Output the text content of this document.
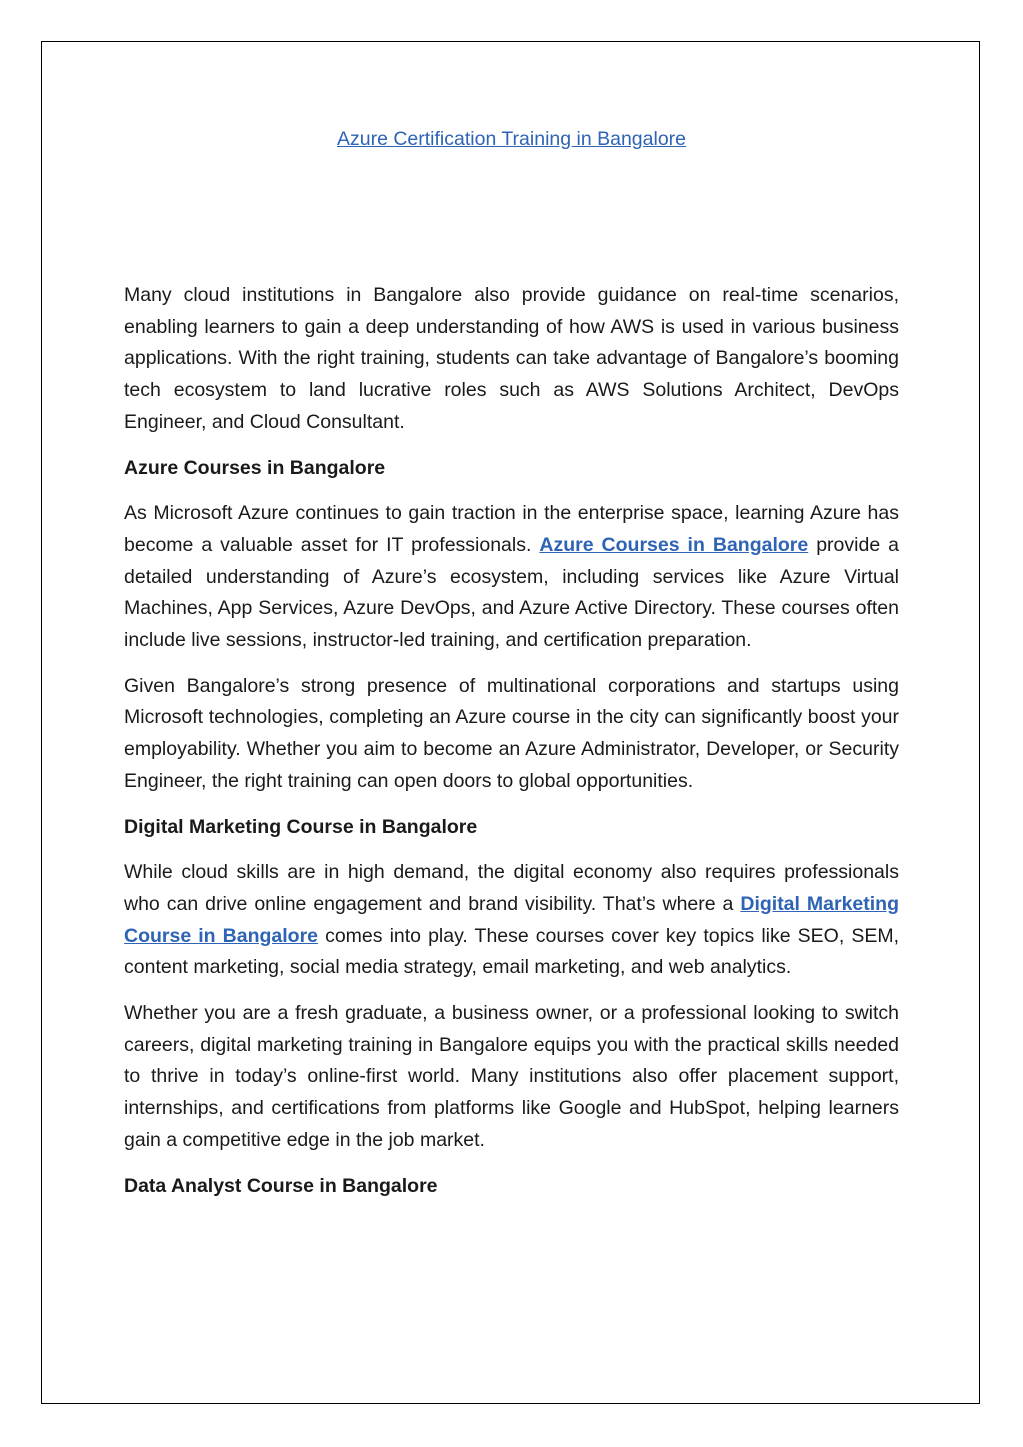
Azure Certification Training in Bangalore

Many cloud institutions in Bangalore also provide guidance on real-time scenarios, enabling learners to gain a deep understanding of how AWS is used in various business applications. With the right training, students can take advantage of Bangalore’s booming tech ecosystem to land lucrative roles such as AWS Solutions Architect, DevOps Engineer, and Cloud Consultant.

Azure Courses in Bangalore

As Microsoft Azure continues to gain traction in the enterprise space, learning Azure has become a valuable asset for IT professionals. Azure Courses in Bangalore provide a detailed understanding of Azure’s ecosystem, including services like Azure Virtual Machines, App Services, Azure DevOps, and Azure Active Directory. These courses often include live sessions, instructor-led training, and certification preparation.

Given Bangalore’s strong presence of multinational corporations and startups using Microsoft technologies, completing an Azure course in the city can significantly boost your employability. Whether you aim to become an Azure Administrator, Developer, or Security Engineer, the right training can open doors to global opportunities.

Digital Marketing Course in Bangalore

While cloud skills are in high demand, the digital economy also requires professionals who can drive online engagement and brand visibility. That’s where a Digital Marketing Course in Bangalore comes into play. These courses cover key topics like SEO, SEM, content marketing, social media strategy, email marketing, and web analytics.

Whether you are a fresh graduate, a business owner, or a professional looking to switch careers, digital marketing training in Bangalore equips you with the practical skills needed to thrive in today’s online-first world. Many institutions also offer placement support, internships, and certifications from platforms like Google and HubSpot, helping learners gain a competitive edge in the job market.

Data Analyst Course in Bangalore
